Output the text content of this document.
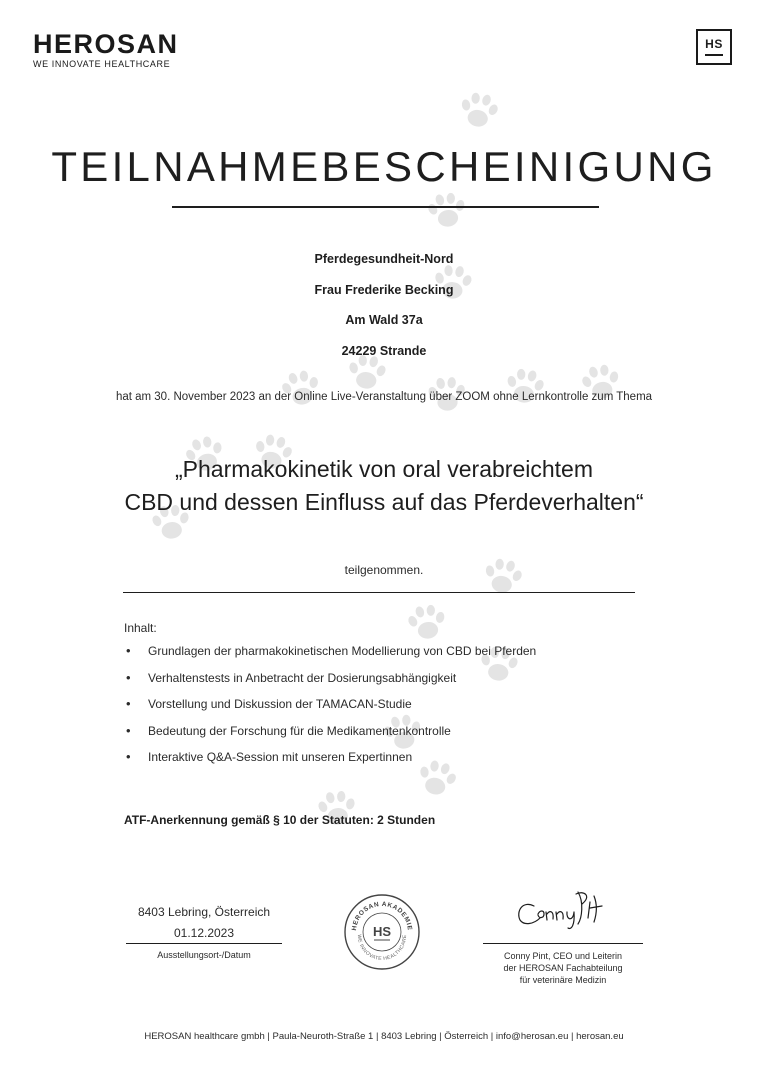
HEROSAN
WE INNOVATE HEALTHCARE
HS
TEILNAHMEBESCHEINIGUNG
Pferdegesundheit-Nord
Frau Frederike Becking
Am Wald 37a
24229 Strande
hat am 30. November 2023 an der Online Live-Veranstaltung über ZOOM ohne Lernkontrolle zum Thema
„Pharmakokinetik von oral verabreichtem
CBD und dessen Einfluss auf das Pferdeverhalten“
teilgenommen.
Inhalt:
• Grundlagen der pharmakokinetischen Modellierung von CBD bei Pferden
• Verhaltenstests in Anbetracht der Dosierungsabhängigkeit
• Vorstellung und Diskussion der TAMACAN-Studie
• Bedeutung der Forschung für die Medikamentenkontrolle
• Interaktive Q&A-Session mit unseren Expertinnen
ATF-Anerkennung gemäß § 10 der Statuten: 2 Stunden
8403 Lebring, Österreich
01.12.2023
Ausstellungsort-/Datum
HEROSAN AKADEMIE
WE INNOVATE HEALTHCARE
HS
Conny Pint, CEO und Leiterin
der HEROSAN Fachabteilung
für veterinäre Medizin
HEROSAN healthcare gmbh | Paula-Neuroth-Straße 1 | 8403 Lebring | Österreich | info@herosan.eu | herosan.eu
